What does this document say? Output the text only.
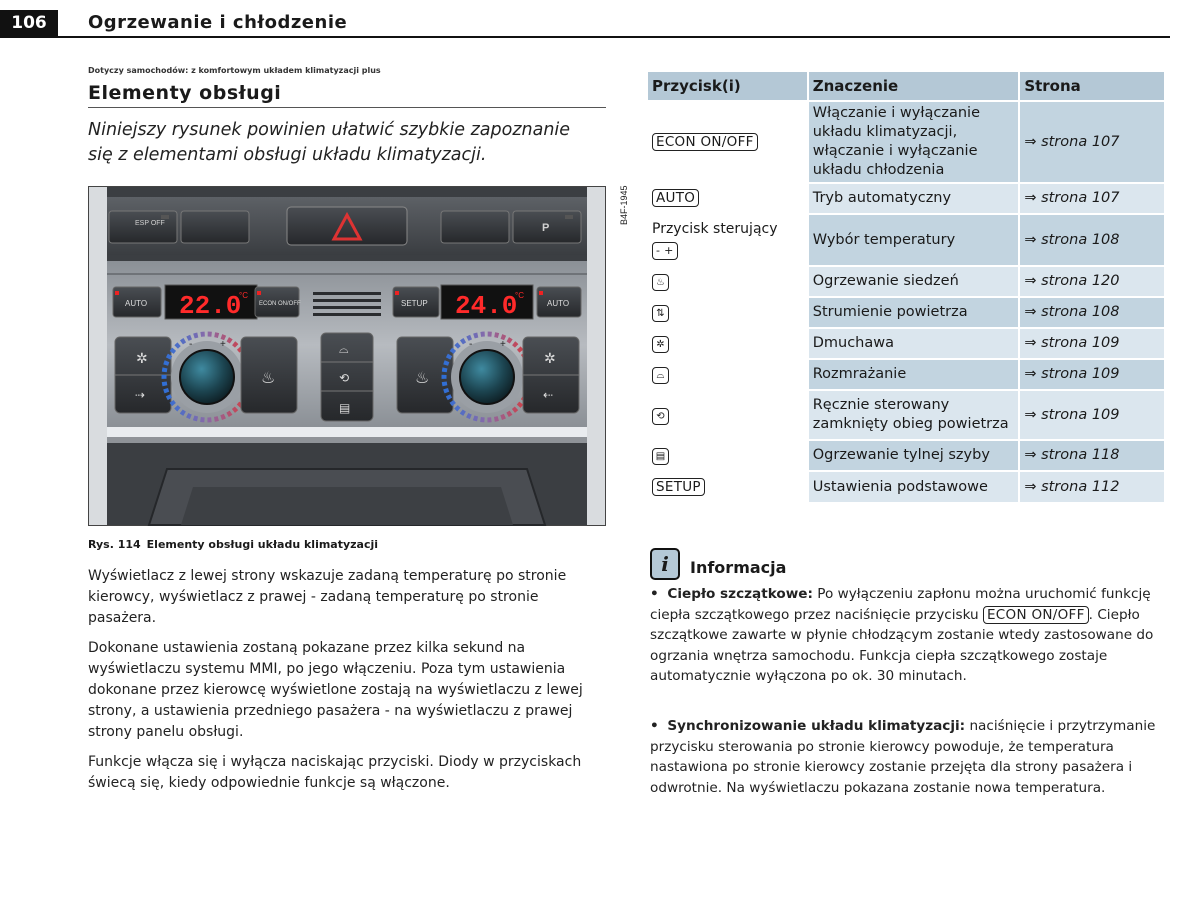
106	Ogrzewanie i chłodzenie
Dotyczy samochodów: z komfortowym układem klimatyzacji plus
Elementy obsługi
Niniejszy rysunek powinien ułatwić szybkie zapoznanie
się z elementami obsługi układu klimatyzacji.
ESP OFF	P
B4F-1945
AUTO 22.0
°C
ECON ON/OFF	SETUP 24.0
°C
AUTO
✲
⇢
♨
-	+	⌓
⟲
▤
♨
✲
⇠
-	+
Rys. 114 Elementy obsługi układu klimatyzacji

Wyświetlacz z lewej strony wskazuje zadaną temperaturę po stronie kierowcy, wyświetlacz z prawej - zadaną temperaturę po stronie pasażera.

Dokonane ustawienia zostaną pokazane przez kilka sekund na wyświetlaczu systemu MMI, po jego włączeniu. Poza tym ustawienia dokonane przez kierowcę wyświetlone zostają na wyświetlaczu z lewej strony, a ustawienia przedniego pasażera - na wyświetlaczu z prawej strony panelu obsługi.

Funkcje włącza się i wyłącza naciskając przyciski. Diody w przyciskach świecą się, kiedy odpowiednie funkcje są włączone.

Przycisk(i)	Znaczenie	Strona
ECON ON/OFF	Włączanie i wyłączanie układu klimatyzacji, włączanie i wyłączanie układu chłodzenia	⇒ strona 107
AUTO	Tryb automatyczny	⇒ strona 107

Przycisk sterujący
- +	Wybór temperatury	⇒ strona 108
♨	Ogrzewanie siedzeń	⇒ strona 120
⇅	Strumienie powietrza	⇒ strona 108
✲	Dmuchawa	⇒ strona 109
⌓	Rozmrażanie	⇒ strona 109
⟲	Ręcznie sterowany zamknięty obieg powietrza	⇒ strona 109
▤	Ogrzewanie tylnej szyby	⇒ strona 118
SETUP	Ustawienia podstawowe	⇒ strona 112
i	Informacja

• Ciepło szczątkowe: Po wyłączeniu zapłonu można uruchomić funkcję ciepła szczątkowego przez naciśnięcie przycisku ECON ON/OFF . Ciepło szczątkowe zawarte w płynie chłodzącym zostanie wtedy zastosowane do ogrzania wnętrza samochodu. Funkcja ciepła szczątkowego zostaje automatycznie wyłączona po ok. 30 minutach.

• Synchronizowanie układu klimatyzacji: naciśnięcie i przytrzymanie przycisku sterowania po stronie kierowcy powoduje, że temperatura nastawiona po stronie kierowcy zostanie przejęta dla strony pasażera i odwrotnie. Na wyświetlaczu pokazana zostanie nowa temperatura.
